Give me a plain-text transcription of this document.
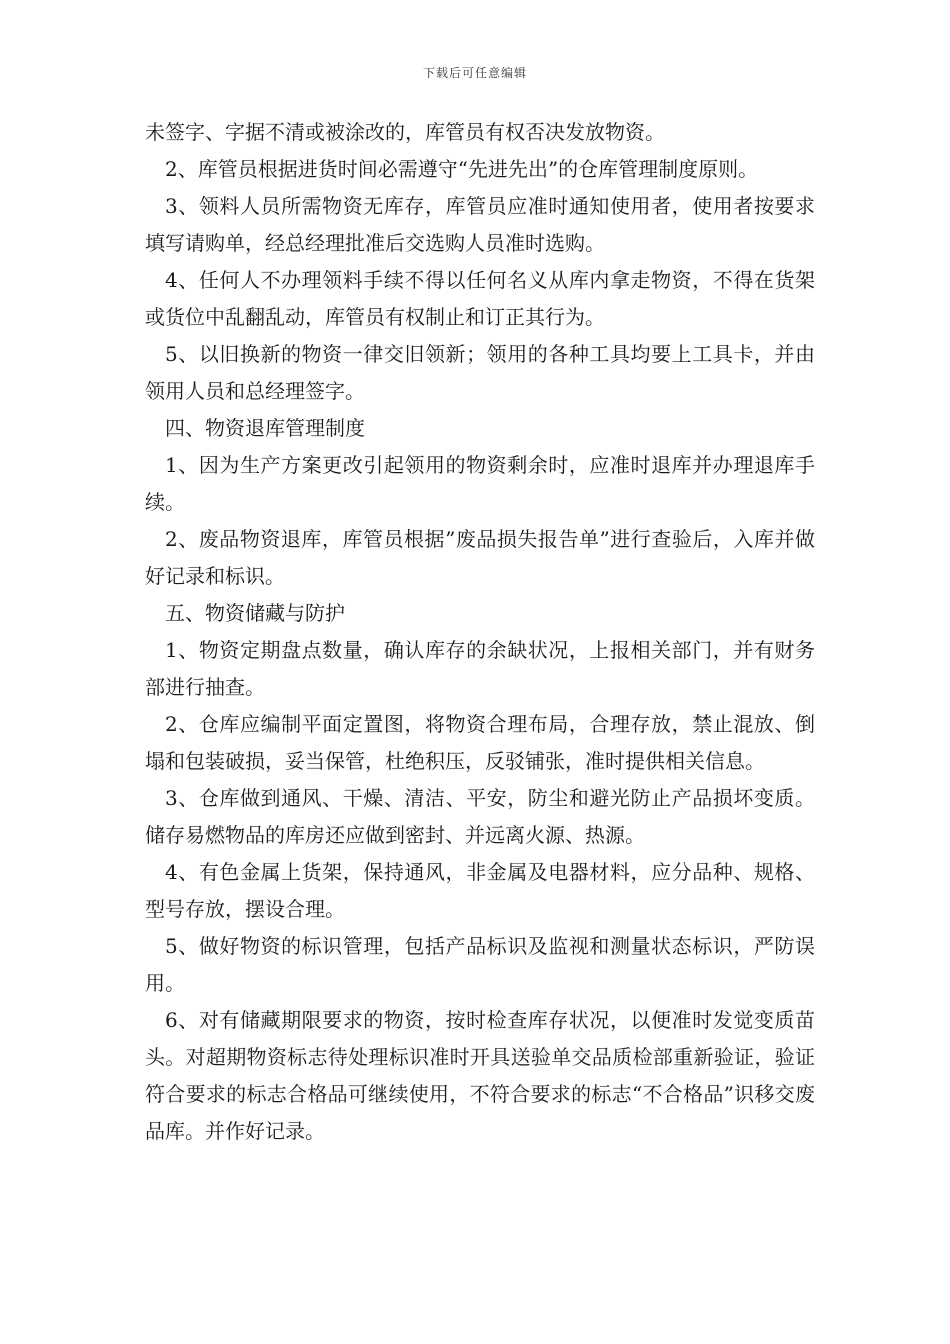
下载后可任意编辑

未签字、字据不清或被涂改的，库管员有权否决发放物资。

2、库管员根据进货时间必需遵守“先进先出”的仓库管理制度原则。

3、领料人员所需物资无库存，库管员应准时通知使用者，使用者按要求填写请购单，经总经理批准后交选购人员准时选购。

4、任何人不办理领料手续不得以任何名义从库内拿走物资，不得在货架或货位中乱翻乱动，库管员有权制止和订正其行为。

5、以旧换新的物资一律交旧领新；领用的各种工具均要上工具卡，并由领用人员和总经理签字。

四、物资退库管理制度

1、因为生产方案更改引起领用的物资剩余时，应准时退库并办理退库手续。

2、废品物资退库，库管员根据”废品损失报告单”进行查验后，入库并做好记录和标识。

五、物资储藏与防护

1、物资定期盘点数量，确认库存的余缺状况，上报相关部门，并有财务部进行抽查。

2、仓库应编制平面定置图，将物资合理布局，合理存放，禁止混放、倒塌和包装破损，妥当保管，杜绝积压，反驳铺张，准时提供相关信息。

3、仓库做到通风、干燥、清洁、平安，防尘和避光防止产品损坏变质。储存易燃物品的库房还应做到密封、并远离火源、热源。

4、有色金属上货架，保持通风，非金属及电器材料，应分品种、规格、型号存放，摆设合理。

5、做好物资的标识管理，包括产品标识及监视和测量状态标识，严防误用。

6、对有储藏期限要求的物资，按时检查库存状况，以便准时发觉变质苗头。对超期物资标志待处理标识准时开具送验单交品质检部重新验证，验证符合要求的标志合格品可继续使用，不符合要求的标志“不合格品”识移交废品库。并作好记录。
